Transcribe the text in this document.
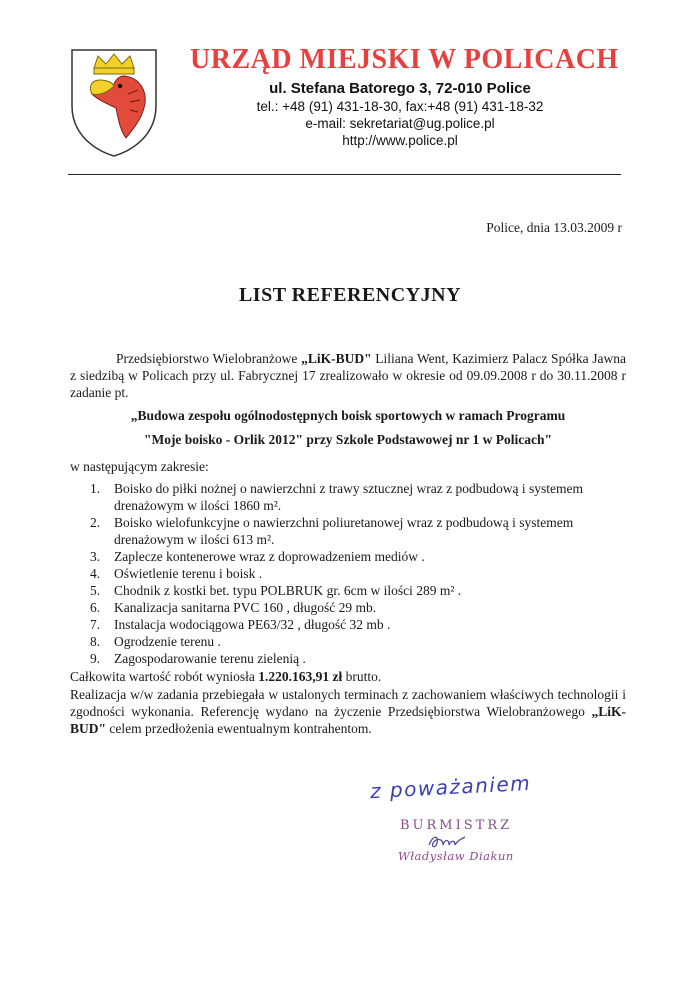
URZĄD MIEJSKI W POLICACH
ul. Stefana Batorego 3, 72-010 Police
tel.: +48 (91) 431-18-30, fax:+48 (91) 431-18-32
e-mail: sekretariat@ug.police.pl
http://www.police.pl
Police, dnia 13.03.2009 r
LIST REFERENCYJNY
Przedsiębiorstwo Wielobranżowe „LiK-BUD" Liliana Went, Kazimierz Palacz Spółka Jawna z siedzibą w Policach przy ul. Fabrycznej 17 zrealizowało w okresie od 09.09.2008 r do 30.11.2008 r zadanie pt.
„Budowa zespołu ogólnodostępnych boisk sportowych w ramach Programu
"Moje boisko - Orlik 2012" przy Szkole Podstawowej nr 1 w Policach"
w następującym zakresie:
1. Boisko do piłki nożnej o nawierzchni z trawy sztucznej wraz z podbudową i systemem drenażowym w ilości 1860 m².
2. Boisko wielofunkcyjne o nawierzchni poliuretanowej wraz z podbudową i systemem drenażowym w ilości 613 m².
3. Zaplecze kontenerowe wraz z doprowadzeniem mediów .
4. Oświetlenie terenu i boisk .
5. Chodnik z kostki bet. typu POLBRUK gr. 6cm w ilości 289 m² .
6. Kanalizacja sanitarna PVC 160 , długość 29 mb.
7. Instalacja wodociągowa PE63/32 , długość 32 mb .
8. Ogrodzenie terenu .
9. Zagospodarowanie terenu zielenią .
Całkowita wartość robót wyniosła 1.220.163,91 zł brutto.
Realizacja w/w zadania przebiegała w ustalonych terminach z zachowaniem właściwych technologii i zgodności wykonania. Referencję wydano na życzenie Przedsiębiorstwa Wielobranżowego „LiK-BUD" celem przedłożenia ewentualnym kontrahentom.
z poważaniem
BURMISTRZ
Władysław Diakun
